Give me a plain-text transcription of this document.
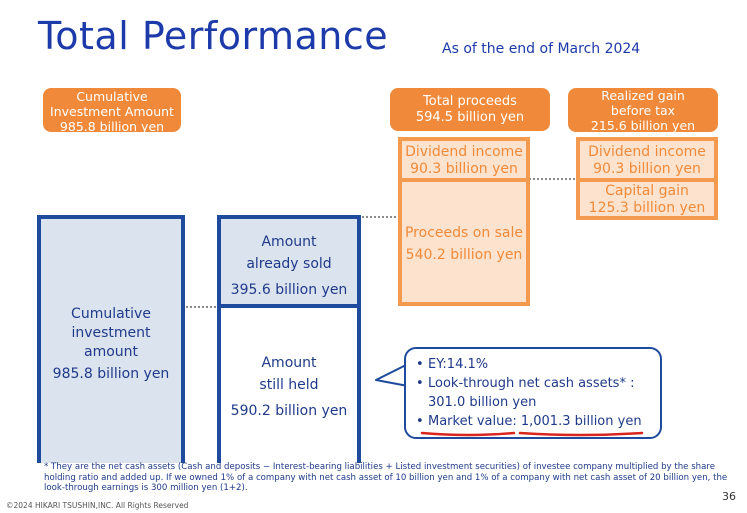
Total Performance	As of the end of March 2024
Cumulative
Investment Amount
985.8 billion yen
Total proceeds
594.5 billion yen
Realized gain
before tax
215.6 billion yen
Cumulative
investment
amount
985.8 billion yen
Amount
already sold
395.6 billion yen
Amount
still held
590.2 billion yen
Dividend income
90.3 billion yen
Proceeds on sale
540.2 billion yen
Dividend income
90.3 billion yen
Capital gain
125.3 billion yen
• EY:14.1%
• Look-through net cash assets* :
301.0 billion yen
• Market value: 1,001.3 billion yen
* They are the net cash assets (Cash and deposits − Interest-bearing liabilities + Listed investment securities) of investee company multiplied by the share holding ratio and added up. If we owned 1% of a company with net cash asset of 10 billion yen and 1% of a company with net cash asset of 20 billion yen, the look-through earnings is 300 million yen (1+2).
©2024 HIKARI TSUSHIN,INC. All Rights Reserved
36
